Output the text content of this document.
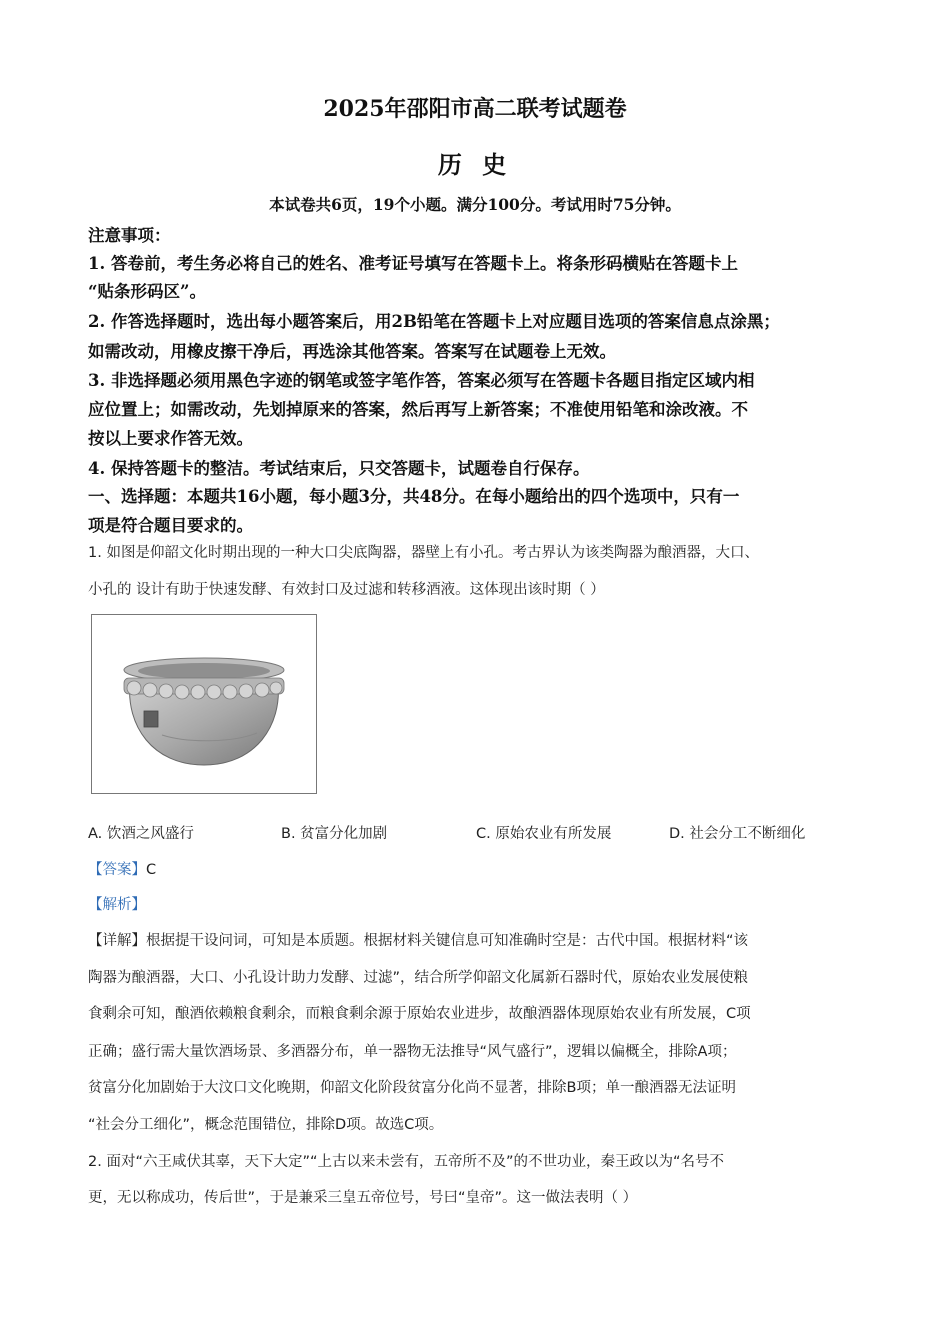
2025年邵阳市高二联考试题卷
历 史
本试卷共6页，19个小题。满分100分。考试用时75分钟。
注意事项：
1. 答卷前，考生务必将自己的姓名、准考证号填写在答题卡上。将条形码横贴在答题卡上
“贴条形码区”。
2. 作答选择题时，选出每小题答案后，用2B铅笔在答题卡上对应题目选项的答案信息点涂黑；
如需改动，用橡皮擦干净后，再选涂其他答案。答案写在试题卷上无效。
3. 非选择题必须用黑色字迹的钢笔或签字笔作答，答案必须写在答题卡各题目指定区域内相
应位置上；如需改动，先划掉原来的答案，然后再写上新答案；不准使用铅笔和涂改液。不
按以上要求作答无效。
4. 保持答题卡的整洁。考试结束后，只交答题卡，试题卷自行保存。
一、选择题：本题共16小题，每小题3分，共48分。在每小题给出的四个选项中，只有一
项是符合题目要求的。
1. 如图是仰韶文化时期出现的一种大口尖底陶器，器壁上有小孔。考古界认为该类陶器为酿酒器，大口、
小孔的 设计有助于快速发酵、有效封口及过滤和转移酒液。这体现出该时期（ ）
A. 饮酒之风盛行	B. 贫富分化加剧	C. 原始农业有所发展	D. 社会分工不断细化
【答案】C
【解析】
【详解】根据提干设问词，可知是本质题。根据材料关键信息可知准确时空是：古代中国。根据材料“该
陶器为酿酒器，大口、小孔设计助力发酵、过滤”，结合所学仰韶文化属新石器时代，原始农业发展使粮
食剩余可知，酿酒依赖粮食剩余，而粮食剩余源于原始农业进步，故酿酒器体现原始农业有所发展，C项
正确；盛行需大量饮酒场景、多酒器分布，单一器物无法推导“风气盛行”，逻辑以偏概全，排除A项；
贫富分化加剧始于大汶口文化晚期，仰韶文化阶段贫富分化尚不显著，排除B项；单一酿酒器无法证明
“社会分工细化”，概念范围错位，排除D项。故选C项。
2. 面对“六王咸伏其辜，天下大定”“上古以来未尝有，五帝所不及”的不世功业，秦王政以为“名号不
更，无以称成功，传后世”，于是兼采三皇五帝位号，号曰“皇帝”。这一做法表明（ ）
